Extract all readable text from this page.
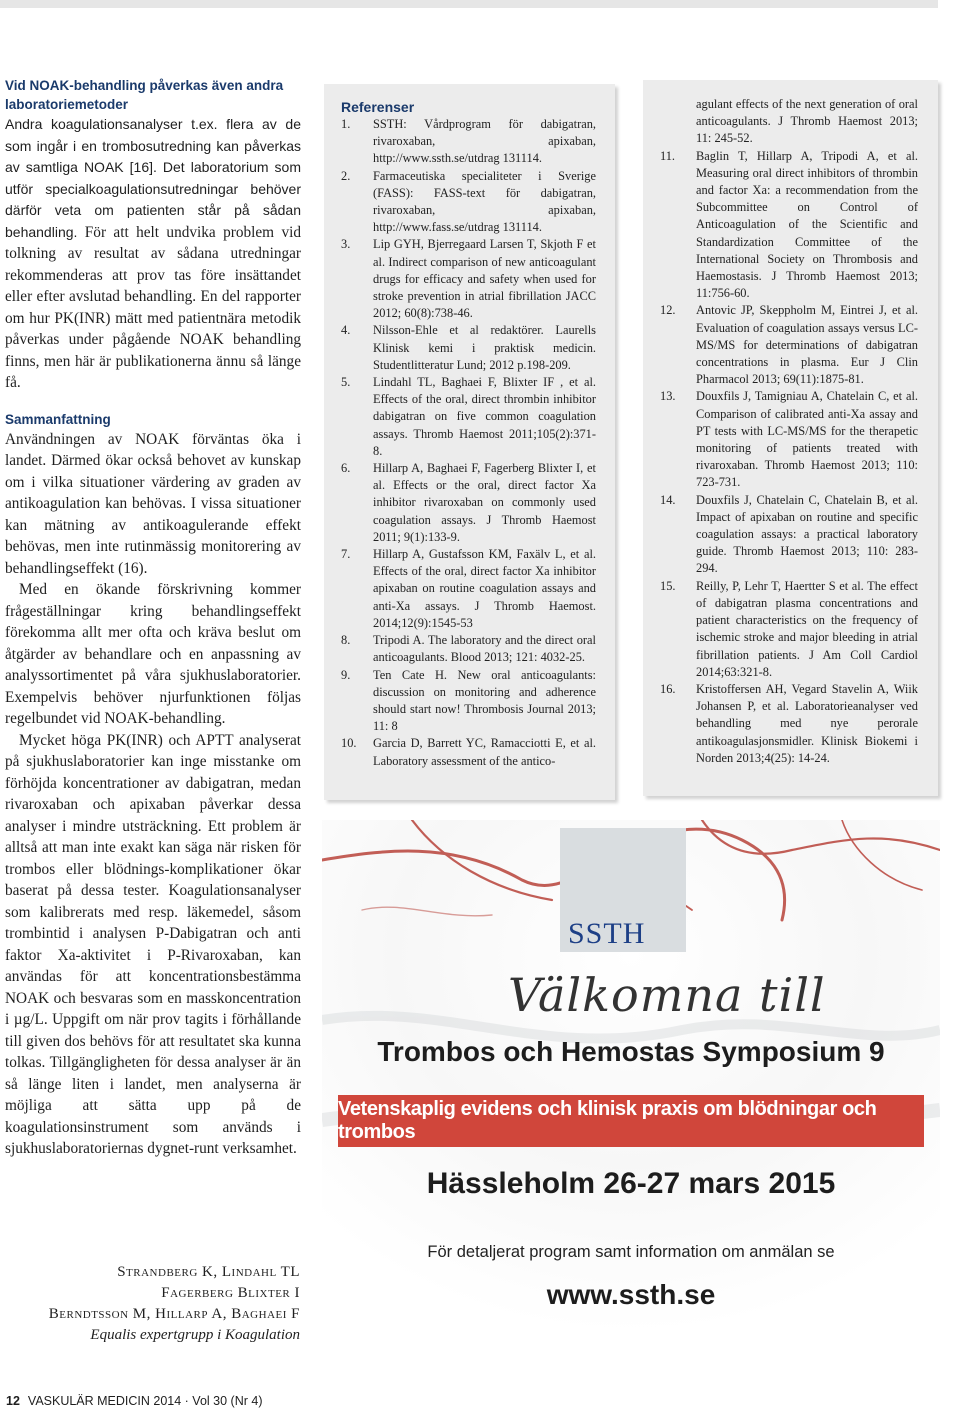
Vid NOAK-behandling påverkas även andra laboratoriemetoder

Andra koagulationsanalyser t.ex. flera av de som ingår i en trombosutredning kan påverkas av samtliga NOAK [16]. Det laboratorium som utför specialkoagulationsutredningar behöver därför veta om patienten står på sådan behandling. För att helt undvika problem vid tolkning av resultat av sådana utredningar rekommenderas att prov tas före insättandet eller efter avslutad behandling. En del rapporter om hur PK(INR) mätt med patientnära metodik påverkas under pågående NOAK behandling finns, men här är publikationerna ännu så länge få.

Sammanfattning

Användningen av NOAK förväntas öka i landet. Därmed ökar också behovet av kunskap om i vilka situationer värdering av graden av antikoagulation kan behövas. I vissa situationer kan mätning av antikoagulerande effekt behövas, men inte rutinmässig monitorering av behandlingseffekt (16).

Med en ökande förskrivning kommer frågeställningar kring behandlingseffekt förekomma allt mer ofta och kräva beslut om åtgärder av behandlare och en anpassning av analyssortimentet på våra sjukhuslaboratorier. Exempelvis behöver njurfunktionen följas regelbundet vid NOAK-behandling.

Mycket höga PK(INR) och APTT analyserat på sjukhuslaboratorier kan inge misstanke om förhöjda koncentrationer av dabigatran, medan rivaroxaban och apixaban påverkar dessa analyser i mindre utsträckning. Ett problem är alltså att man inte exakt kan säga när risken för trombos eller blödnings-komplikationer ökar baserat på dessa tester. Koagulationsanalyser som kalibrerats med resp. läkemedel, såsom trombintid i analysen P-Dabigatran och anti faktor Xa-aktivitet i P-Rivaroxaban, kan användas för att koncentrationsbestämma NOAK och besvaras som en masskoncentration i µg/L. Uppgift om när prov tagits i förhållande till given dos behövs för att resultatet ska kunna tolkas. Tillgängligheten för dessa analyser är än så länge liten i landet, men analyserna är möjliga att sätta upp på de koagulationsinstrument som används i sjukhuslaboratoriernas dygnet-runt verksamhet.

Strandberg K, Lindahl TL
Fagerberg Blixter I
Berndtsson M, Hillarp A, Baghaei F
Equalis expertgrupp i Koagulation
12 VASKULÄR MEDICIN 2014 · Vol 30 (Nr 4)
Referenser
1.	SSTH: Vårdprogram för dabigatran, rivaroxaban, apixaban, http://www.ssth.se/utdrag 131114.
2.	Farmaceutiska specialiteter i Sverige (FASS): FASS-text för dabigatran, rivaroxaban, apixaban, http://www.fass.se/utdrag 131114.
3.	Lip GYH, Bjerregaard Larsen T, Skjoth F et al. Indirect comparison of new anticoagulant drugs for efficacy and safety when used for stroke prevention in atrial fibrillation JACC 2012; 60(8):738-46.
4.	Nilsson-Ehle et al redaktörer. Laurells Klinisk kemi i praktisk medicin. Studentlitteratur Lund; 2012 p.198-209.
5.	Lindahl TL, Baghaei F, Blixter IF , et al. Effects of the oral, direct thrombin inhibitor dabigatran on five common coagulation assays. Thromb Haemost 2011;105(2):371-8.
6.	Hillarp A, Baghaei F, Fagerberg Blixter I, et al. Effects or the oral, direct factor Xa inhibitor rivaroxaban on commonly used coagulation assays. J Thromb Haemost 2011; 9(1):133-9.
7.	Hillarp A, Gustafsson KM, Faxälv L, et al. Effects of the oral, direct factor Xa inhibitor apixaban on routine coagulation assays and anti-Xa assays. J Thromb Haemost. 2014;12(9):1545-53
8.	Tripodi A. The laboratory and the direct oral anticoagulants. Blood 2013; 121: 4032-25.
9.	Ten Cate H. New oral anticoagulants: discussion on monitoring and adherence should start now! Thrombosis Journal 2013; 11: 8
10.	Garcia D, Barrett YC, Ramacciotti E, et al. Laboratory assessment of the antico-
agulant effects of the next generation of oral anticoagulants. J Thromb Haemost 2013; 11: 245-52.
11.	Baglin T, Hillarp A, Tripodi A, et al. Measuring oral direct inhibitors of thrombin and factor Xa: a recommendation from the Subcommittee on Control of Anticoagulation of the Scientific and Standardization Committee of the International Society on Thrombosis and Haemostasis. J Thromb Haemost 2013; 11:756-60.
12.	Antovic JP, Skeppholm M, Eintrei J, et al. Evaluation of coagulation assays versus LC-MS/MS for determinations of dabigatran concentrations in plasma. Eur J Clin Pharmacol 2013; 69(11):1875-81.
13.	Douxfils J, Tamigniau A, Chatelain C, et al. Comparison of calibrated anti-Xa assay and PT tests with LC-MS/MS for the therapetic monitoring of patients treated with rivaroxaban. Thromb Haemost 2013; 110: 723-731.
14.	Douxfils J, Chatelain C, Chatelain B, et al. Impact of apixaban on routine and specific coagulation assays: a practical laboratory guide. Thromb Haemost 2013; 110: 283-294.
15.	Reilly, P, Lehr T, Haertter S et al. The effect of dabigatran plasma concentrations and patient characteristics on the frequency of ischemic stroke and major bleeding in atrial fibrillation patients. J Am Coll Cardiol 2014;63:321-8.
16.	Kristoffersen AH, Vegard Stavelin A, Wiik Johansen P, et al. Laboratorieanalyser ved behandling med nye perorale antikoagulasjonsmidler. Klinisk Biokemi i Norden 2013;4(25): 14-24.
SSTH
Välkomna till
Trombos och Hemostas Symposium 9
Vetenskaplig evidens och klinisk praxis om blödningar och trombos
Hässleholm 26-27 mars 2015
För detaljerat program samt information om anmälan se
www.ssth.se
